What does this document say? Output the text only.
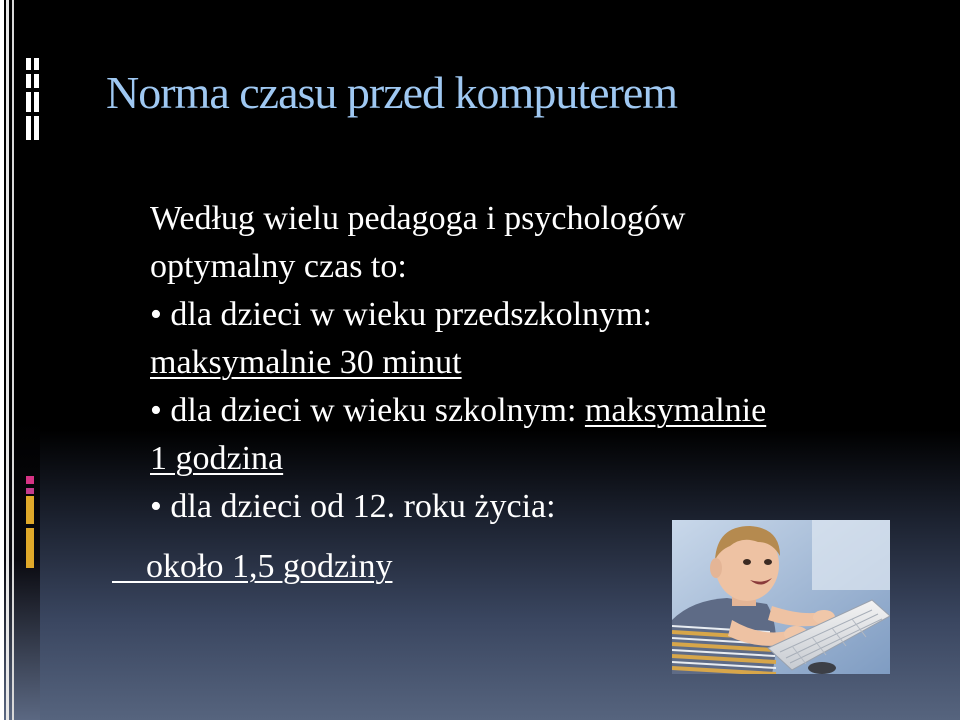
Norma czasu przed komputerem
Według wielu pedagoga i psychologów
optymalny czas to:
• dla dzieci w wieku przedszkolnym:
maksymalnie 30 minut
• dla dzieci w wieku szkolnym: maksymalnie
1 godzina
• dla dzieci od 12. roku życia:
około 1,5 godziny
